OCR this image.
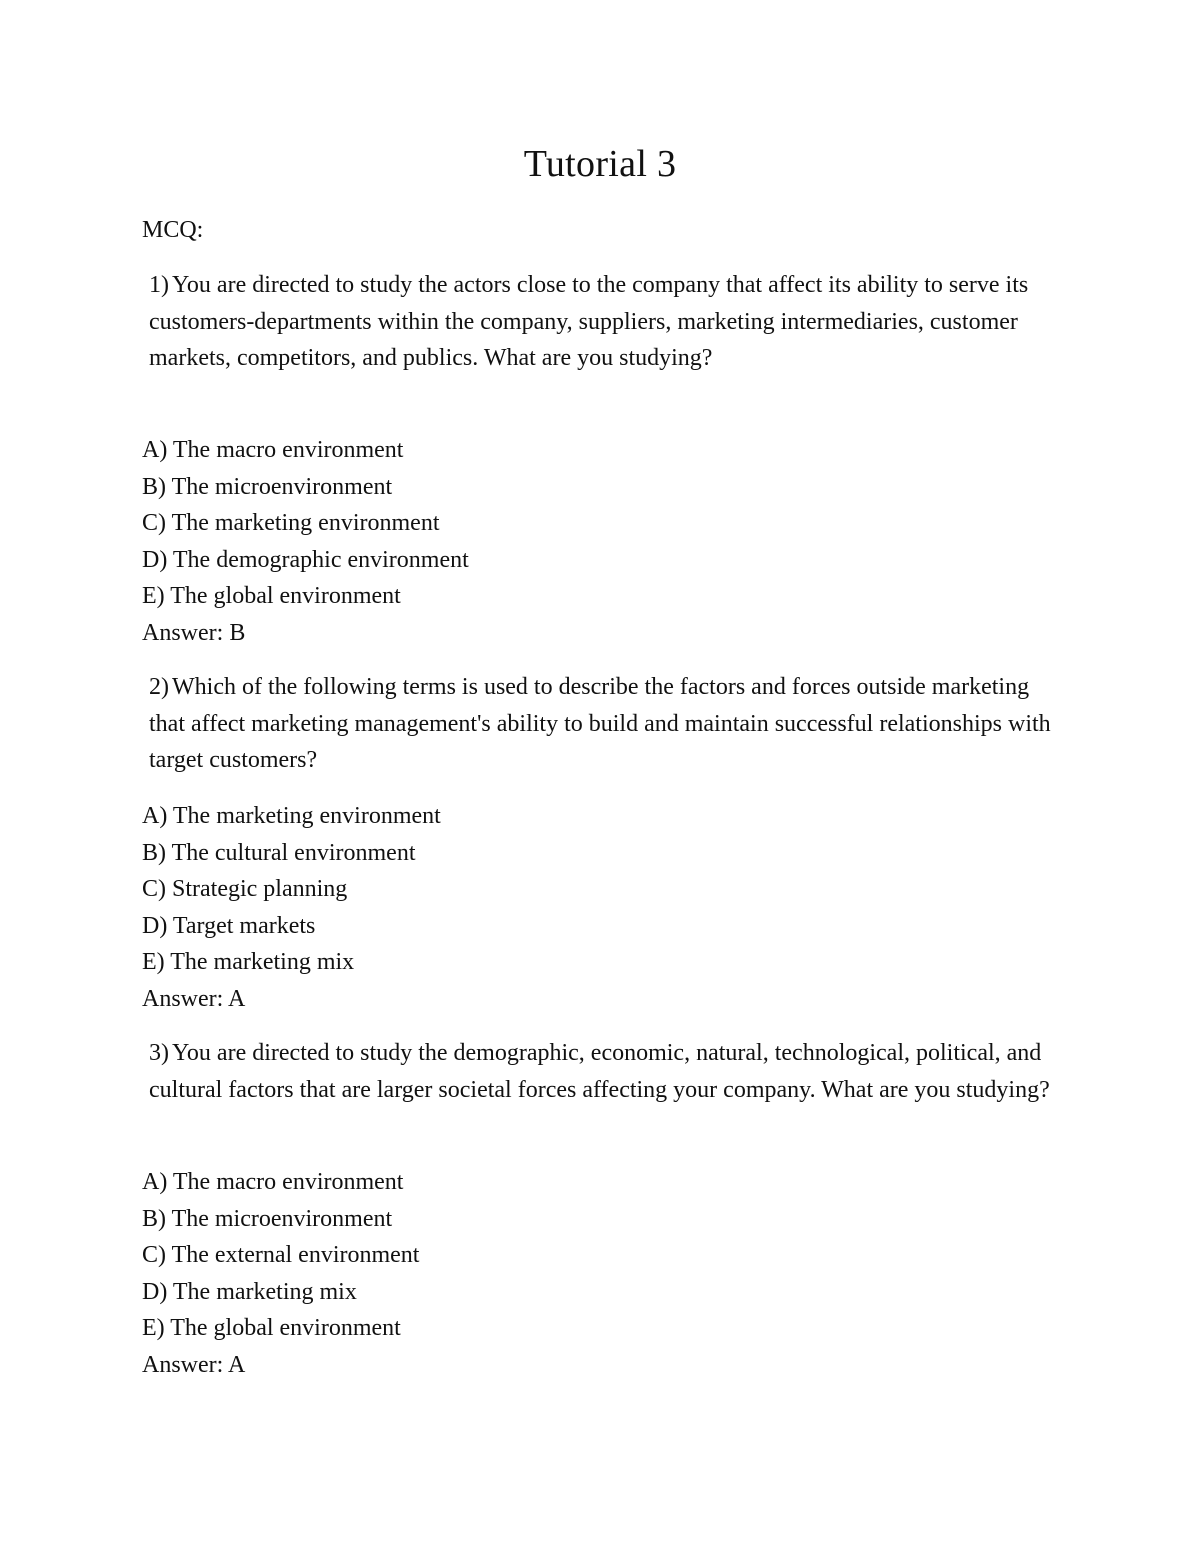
Tutorial 3
MCQ:
1) You are directed to study the actors close to the company that affect its ability to serve its customers-departments within the company, suppliers, marketing intermediaries, customer markets, competitors, and publics. What are you studying?
A) The macro environment
B) The microenvironment
C) The marketing environment
D) The demographic environment
E) The global environment
Answer: B
2) Which of the following terms is used to describe the factors and forces outside marketing that affect marketing management's ability to build and maintain successful relationships with target customers?
A) The marketing environment
B) The cultural environment
C) Strategic planning
D) Target markets
E) The marketing mix
Answer: A
3) You are directed to study the demographic, economic, natural, technological, political, and cultural factors that are larger societal forces affecting your company. What are you studying?
A) The macro environment
B) The microenvironment
C) The external environment
D) The marketing mix
E) The global environment
Answer: A
